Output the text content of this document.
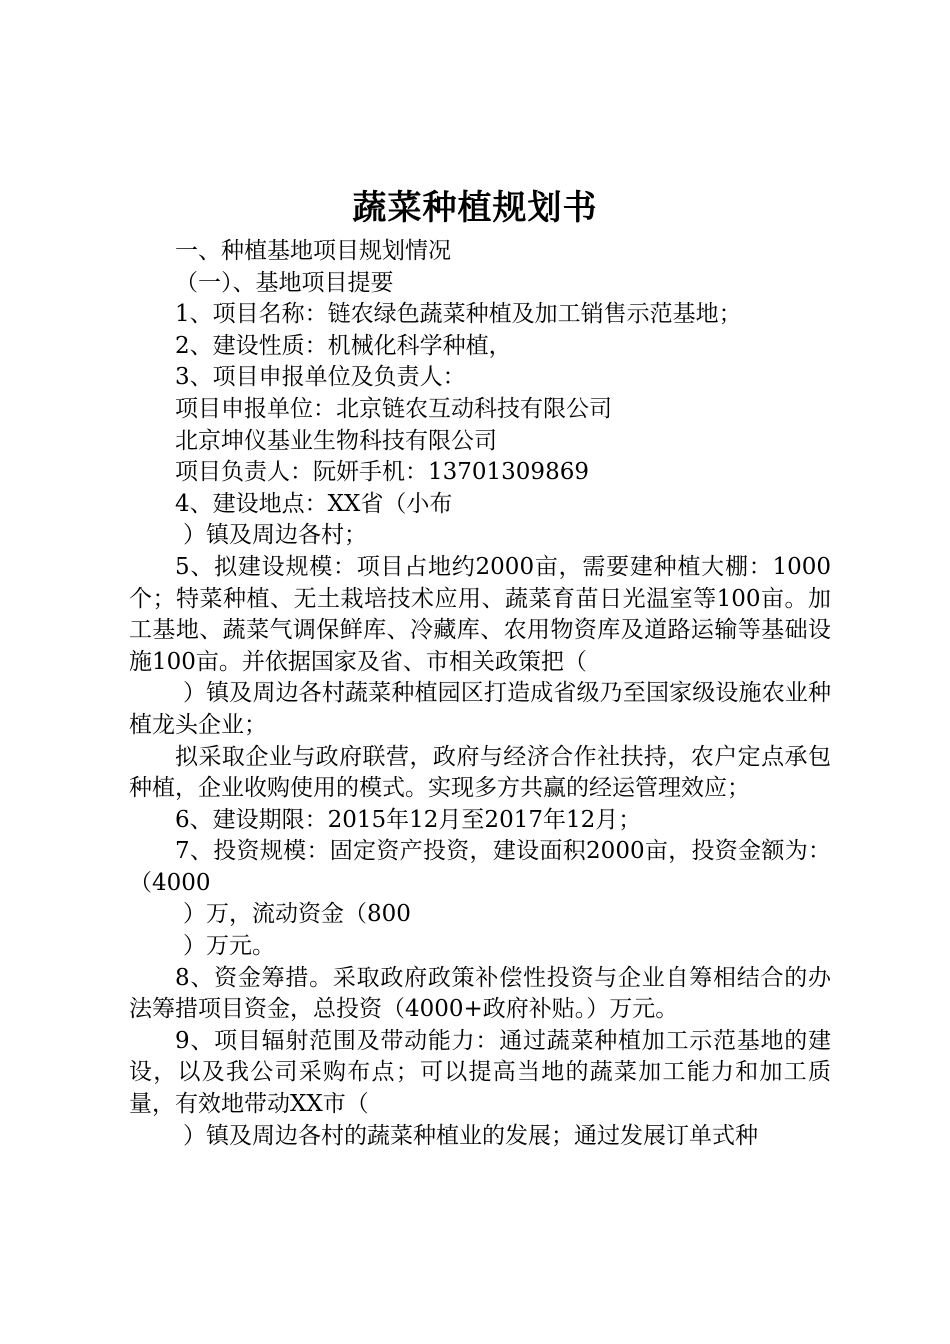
蔬菜种植规划书

一、种植基地项目规划情况

（一）、基地项目提要

1、项目名称：链农绿色蔬菜种植及加工销售示范基地；

2、建设性质：机械化科学种植，

3、项目申报单位及负责人：

项目申报单位：北京链农互动科技有限公司

北京坤仪基业生物科技有限公司

项目负责人：阮妍手机：13701309869

4、建设地点：XX省（小布

）镇及周边各村；

5、拟建设规模：项目占地约2000亩，需要建种植大棚：1000个；特菜种植、无土栽培技术应用、蔬菜育苗日光温室等100亩。加工基地、蔬菜气调保鲜库、冷藏库、农用物资库及道路运输等基础设施100亩。并依据国家及省、市相关政策把（

）镇及周边各村蔬菜种植园区打造成省级乃至国家级设施农业种植龙头企业；

拟采取企业与政府联营，政府与经济合作社扶持，农户定点承包种植，企业收购使用的模式。实现多方共赢的经运管理效应；

6、建设期限：2015年12月至2017年12月；

7、投资规模：固定资产投资，建设面积2000亩，投资金额为：（4000

）万，流动资金（800

）万元。

8、资金筹措。采取政府政策补偿性投资与企业自筹相结合的办法筹措项目资金，总投资（4000+政府补贴。）万元。

9、项目辐射范围及带动能力：通过蔬菜种植加工示范基地的建设，以及我公司采购布点；可以提高当地的蔬菜加工能力和加工质量，有效地带动XX市（

）镇及周边各村的蔬菜种植业的发展；通过发展订单式种
